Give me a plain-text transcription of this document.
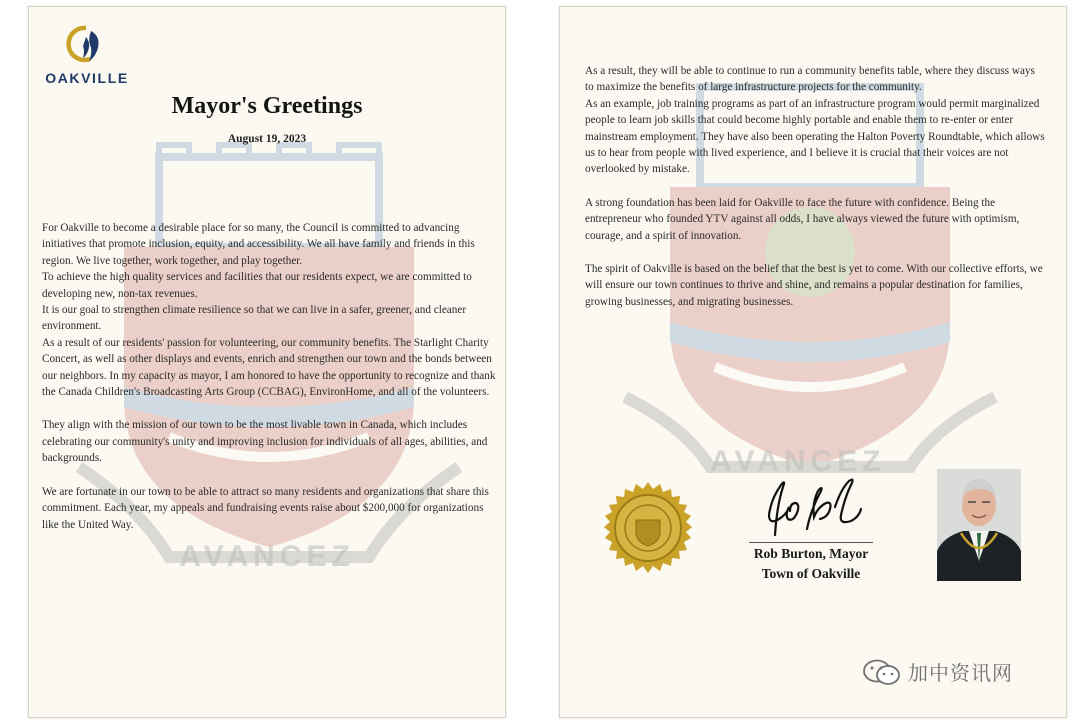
AVANCEZ
OAKVILLE
Mayor's Greetings
August 19, 2023

For Oakville to become a desirable place for so many, the Council is committed to advancing initiatives that promote inclusion, equity, and accessibility. We all have family and friends in this region. We live together, work together, and play together.

To achieve the high quality services and facilities that our residents expect, we are committed to developing new, non-tax revenues.

It is our goal to strengthen climate resilience so that we can live in a safer, greener, and cleaner environment.

As a result of our residents' passion for volunteering, our community benefits. The Starlight Charity Concert, as well as other displays and events, enrich and strengthen our town and the bonds between our neighbors. In my capacity as mayor, I am honored to have the opportunity to recognize and thank the Canada Children's Broadcasting Arts Group (CCBAG), EnvironHome, and all of the volunteers.

They align with the mission of our town to be the most livable town in Canada, which includes celebrating our community's unity and improving inclusion for individuals of all ages, abilities, and backgrounds.

We are fortunate in our town to be able to attract so many residents and organizations that share this commitment. Each year, my appeals and fundraising events raise about $200,000 for organizations like the United Way.

AVANCEZ

As a result, they will be able to continue to run a community benefits table, where they discuss ways to maximize the benefits of large infrastructure projects for the community.

As an example, job training programs as part of an infrastructure program would permit marginalized people to learn job skills that could become highly portable and enable them to re-enter or enter mainstream employment. They have also been operating the Halton Poverty Roundtable, which allows us to hear from people with lived experience, and I believe it is crucial that their voices are not overlooked by mistake.

A strong foundation has been laid for Oakville to face the future with confidence. Being the entrepreneur who founded YTV against all odds, I have always viewed the future with optimism, courage, and a spirit of innovation.

The spirit of Oakville is based on the belief that the best is yet to come. With our collective efforts, we will ensure our town continues to thrive and shine, and remains a popular destination for families, growing businesses, and migrating businesses.

Rob Burton, Mayor
Town of Oakville
加中资讯网
